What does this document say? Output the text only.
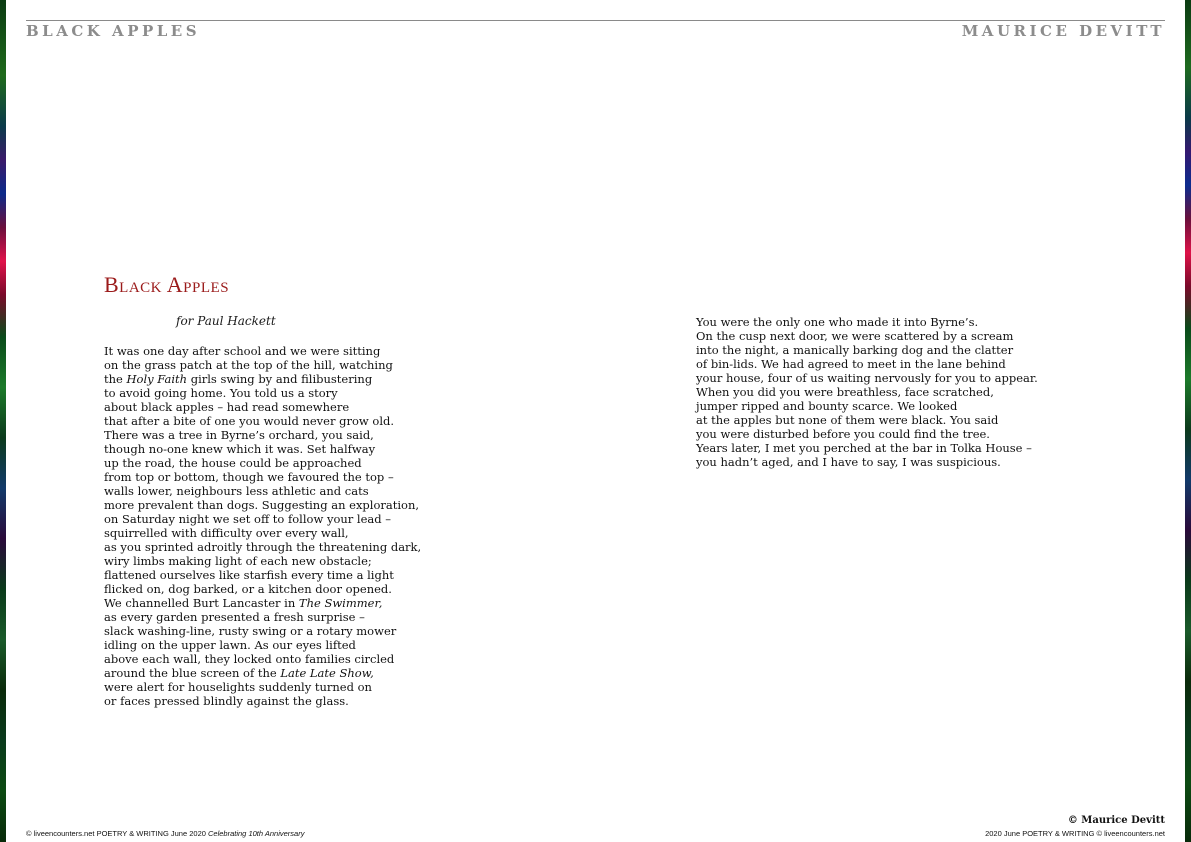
BLACK APPLES	MAURICE DEVITT
Black Apples

for Paul Hackett

It was one day after school and we were sitting
on the grass patch at the top of the hill, watching
the Holy Faith girls swing by and filibustering
to avoid going home. You told us a story
about black apples – had read somewhere
that after a bite of one you would never grow old.
There was a tree in Byrne’s orchard, you said,
though no-one knew which it was. Set halfway
up the road, the house could be approached
from top or bottom, though we favoured the top –
walls lower, neighbours less athletic and cats
more prevalent than dogs. Suggesting an exploration,
on Saturday night we set off to follow your lead –
squirrelled with difficulty over every wall,
as you sprinted adroitly through the threatening dark,
wiry limbs making light of each new obstacle;
flattened ourselves like starfish every time a light
flicked on, dog barked, or a kitchen door opened.
We channelled Burt Lancaster in The Swimmer,
as every garden presented a fresh surprise –
slack washing-line, rusty swing or a rotary mower
idling on the upper lawn. As our eyes lifted
above each wall, they locked onto families circled
around the blue screen of the Late Late Show,
were alert for houselights suddenly turned on
or faces pressed blindly against the glass.
You were the only one who made it into Byrne’s.
On the cusp next door, we were scattered by a scream
into the night, a manically barking dog and the clatter
of bin-lids. We had agreed to meet in the lane behind
your house, four of us waiting nervously for you to appear.
When you did you were breathless, face scratched,
jumper ripped and bounty scarce. We looked
at the apples but none of them were black. You said
you were disturbed before you could find the tree.
Years later, I met you perched at the bar in Tolka House –
you hadn’t aged, and I have to say, I was suspicious.

© liveencounters.net POETRY & WRITING June 2020 Celebrating 10th Anniversary

© Maurice Devitt

2020 June POETRY & WRITING © liveencounters.net
